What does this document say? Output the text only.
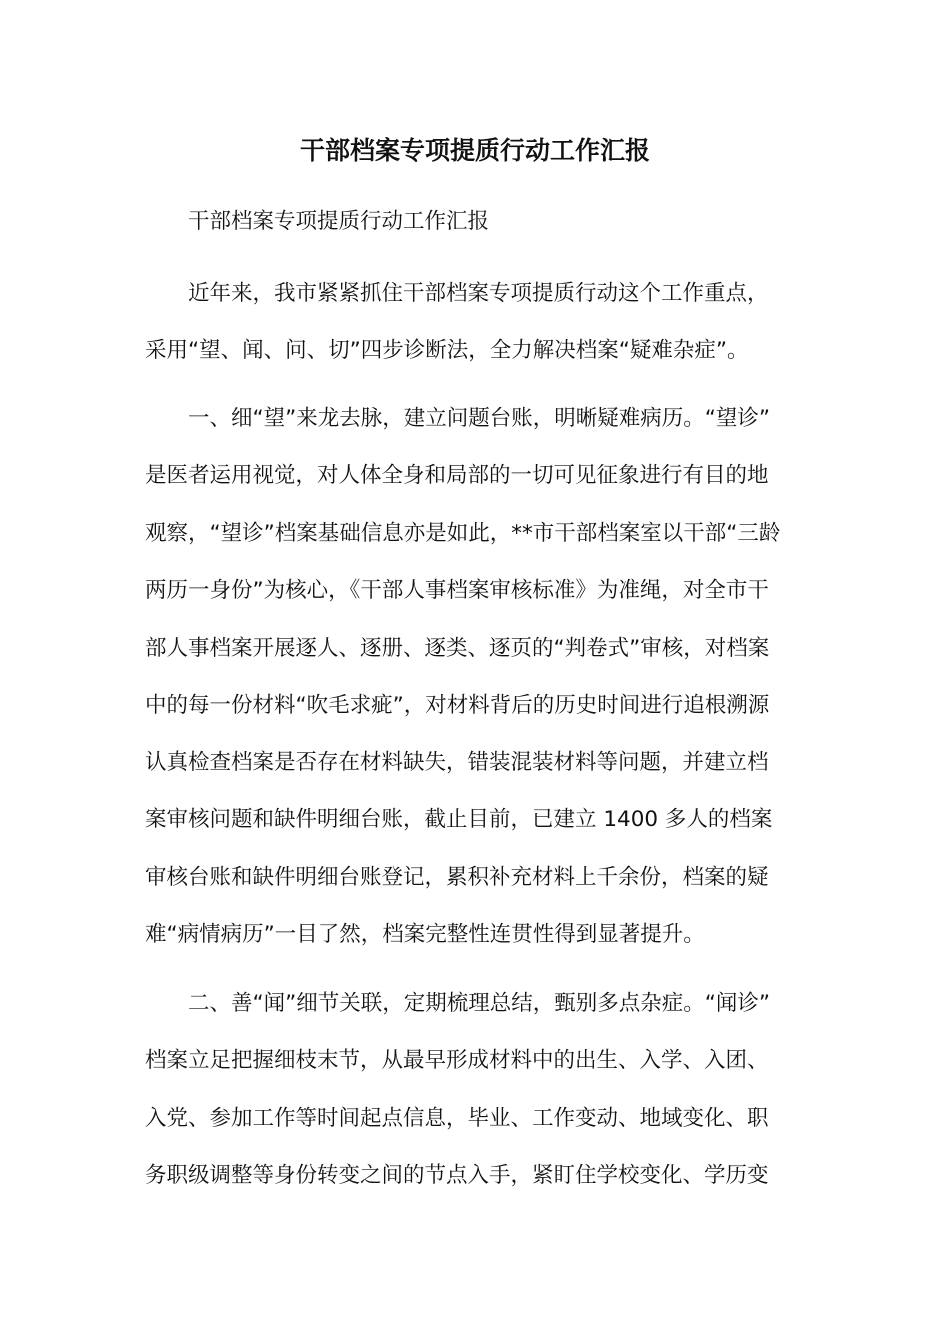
干部档案专项提质行动工作汇报

　　干部档案专项提质行动工作汇报

　　近年来，我市紧紧抓住干部档案专项提质行动这个工作重点，

采用“望、闻、问、切”四步诊断法，全力解决档案“疑难杂症”。

　　一、细“望”来龙去脉，建立问题台账，明晰疑难病历。“望诊”

是医者运用视觉，对人体全身和局部的一切可见征象进行有目的地

观察，“望诊”档案基础信息亦是如此，**市干部档案室以干部“三龄

两历一身份”为核心，《干部人事档案审核标准》为准绳，对全市干

部人事档案开展逐人、逐册、逐类、逐页的“判卷式”审核，对档案

中的每一份材料“吹毛求疵”，对材料背后的历史时间进行追根溯源

认真检查档案是否存在材料缺失，错装混装材料等问题，并建立档

案审核问题和缺件明细台账，截止目前，已建立 1400 多人的档案

审核台账和缺件明细台账登记，累积补充材料上千余份，档案的疑

难“病情病历”一目了然，档案完整性连贯性得到显著提升。

　　二、善“闻”细节关联，定期梳理总结，甄别多点杂症。“闻诊”

档案立足把握细枝末节，从最早形成材料中的出生、入学、入团、

入党、参加工作等时间起点信息，毕业、工作变动、地域变化、职

务职级调整等身份转变之间的节点入手，紧盯住学校变化、学历变
